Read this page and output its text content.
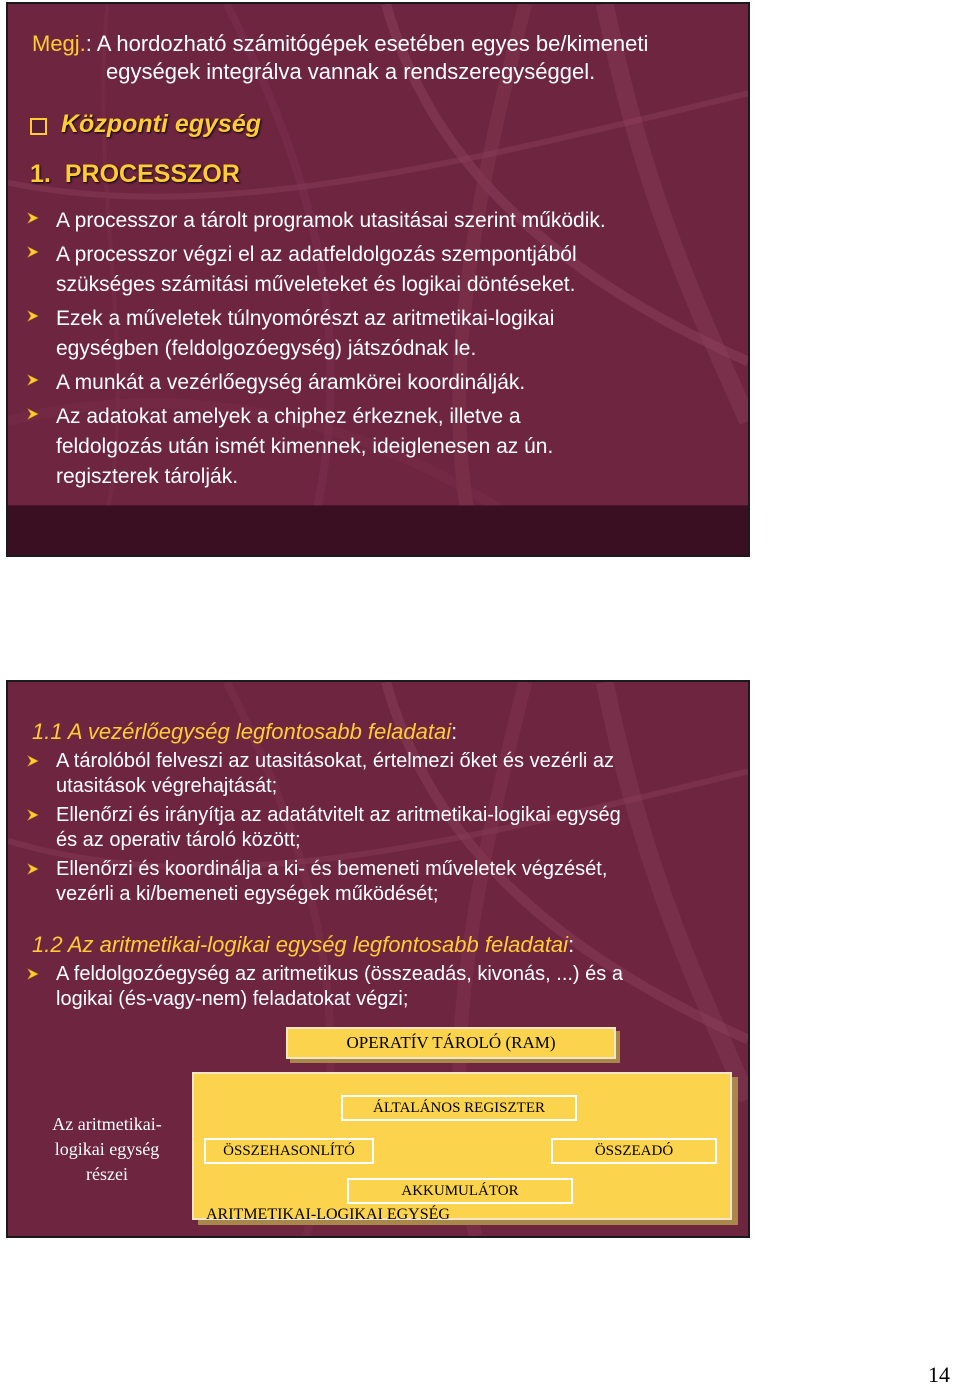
Megj.: A hordozható számitógépek esetében egyes be/kimeneti
egységek integrálva vannak a rendszeregységgel.
Központi egység
1. PROCESSZOR
A processzor a tárolt programok utasitásai szerint működik.
A processzor végzi el az adatfeldolgozás szempontjából
szükséges számitási műveleteket és logikai döntéseket.
Ezek a műveletek túlnyomórészt az aritmetikai-logikai
egységben (feldolgozóegység) játszódnak le.
A munkát a vezérlőegység áramkörei koordinálják.
Az adatokat amelyek a chiphez érkeznek, illetve a
feldolgozás után ismét kimennek, ideiglenesen az ún.
regiszterek tárolják.
1.1 A vezérlőegység legfontosabb feladatai:
A tárolóból felveszi az utasitásokat, értelmezi őket és vezérli az
utasitások végrehajtását;
Ellenőrzi és irányítja az adatátvitelt az aritmetikai-logikai egység
és az operativ tároló között;
Ellenőrzi és koordinálja a ki- és bemeneti műveletek végzését,
vezérli a ki/bemeneti egységek működését;
1.2 Az aritmetikai-logikai egység legfontosabb feladatai:
A feldolgozóegység az aritmetikus (összeadás, kivonás, ...) és a
logikai (és-vagy-nem) feladatokat végzi;
OPERATÍV TÁROLÓ (RAM)
ÁLTALÁNOS REGISZTER
ÖSSZEHASONLÍTÓ	ÖSSZEADÓ
AKKUMULÁTOR
ARITMETIKAI-LOGIKAI EGYSÉG
Az aritmetikai-
logikai egység
részei
14
